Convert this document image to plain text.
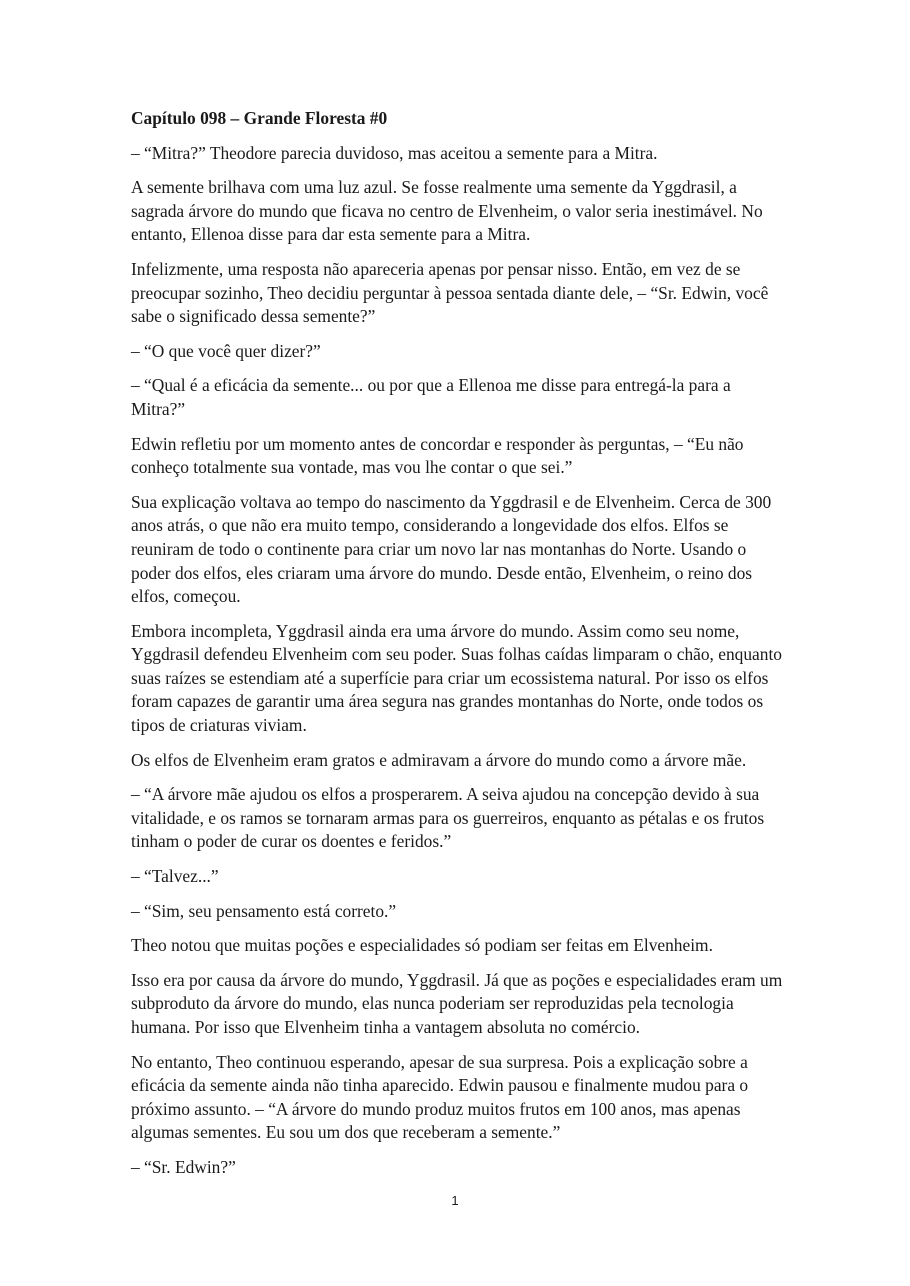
Capítulo 098 – Grande Floresta #0

– “Mitra?” Theodore parecia duvidoso, mas aceitou a semente para a Mitra.

A semente brilhava com uma luz azul. Se fosse realmente uma semente da Yggdrasil, a sagrada árvore do mundo que ficava no centro de Elvenheim, o valor seria inestimável. No entanto, Ellenoa disse para dar esta semente para a Mitra.

Infelizmente, uma resposta não apareceria apenas por pensar nisso. Então, em vez de se preocupar sozinho, Theo decidiu perguntar à pessoa sentada diante dele, – “Sr. Edwin, você sabe o significado dessa semente?”

– “O que você quer dizer?”

– “Qual é a eficácia da semente... ou por que a Ellenoa me disse para entregá-la para a Mitra?”

Edwin refletiu por um momento antes de concordar e responder às perguntas, – “Eu não conheço totalmente sua vontade, mas vou lhe contar o que sei.”

Sua explicação voltava ao tempo do nascimento da Yggdrasil e de Elvenheim. Cerca de 300 anos atrás, o que não era muito tempo, considerando a longevidade dos elfos. Elfos se reuniram de todo o continente para criar um novo lar nas montanhas do Norte. Usando o poder dos elfos, eles criaram uma árvore do mundo. Desde então, Elvenheim, o reino dos elfos, começou.

Embora incompleta, Yggdrasil ainda era uma árvore do mundo. Assim como seu nome, Yggdrasil defendeu Elvenheim com seu poder. Suas folhas caídas limparam o chão, enquanto suas raízes se estendiam até a superfície para criar um ecossistema natural. Por isso os elfos foram capazes de garantir uma área segura nas grandes montanhas do Norte, onde todos os tipos de criaturas viviam.

Os elfos de Elvenheim eram gratos e admiravam a árvore do mundo como a árvore mãe.

– “A árvore mãe ajudou os elfos a prosperarem. A seiva ajudou na concepção devido à sua vitalidade, e os ramos se tornaram armas para os guerreiros, enquanto as pétalas e os frutos tinham o poder de curar os doentes e feridos.”

– “Talvez...”

– “Sim, seu pensamento está correto.”

Theo notou que muitas poções e especialidades só podiam ser feitas em Elvenheim.

Isso era por causa da árvore do mundo, Yggdrasil. Já que as poções e especialidades eram um subproduto da árvore do mundo, elas nunca poderiam ser reproduzidas pela tecnologia humana. Por isso que Elvenheim tinha a vantagem absoluta no comércio.

No entanto, Theo continuou esperando, apesar de sua surpresa. Pois a explicação sobre a eficácia da semente ainda não tinha aparecido. Edwin pausou e finalmente mudou para o próximo assunto. – “A árvore do mundo produz muitos frutos em 100 anos, mas apenas algumas sementes. Eu sou um dos que receberam a semente.”

– “Sr. Edwin?”

1
